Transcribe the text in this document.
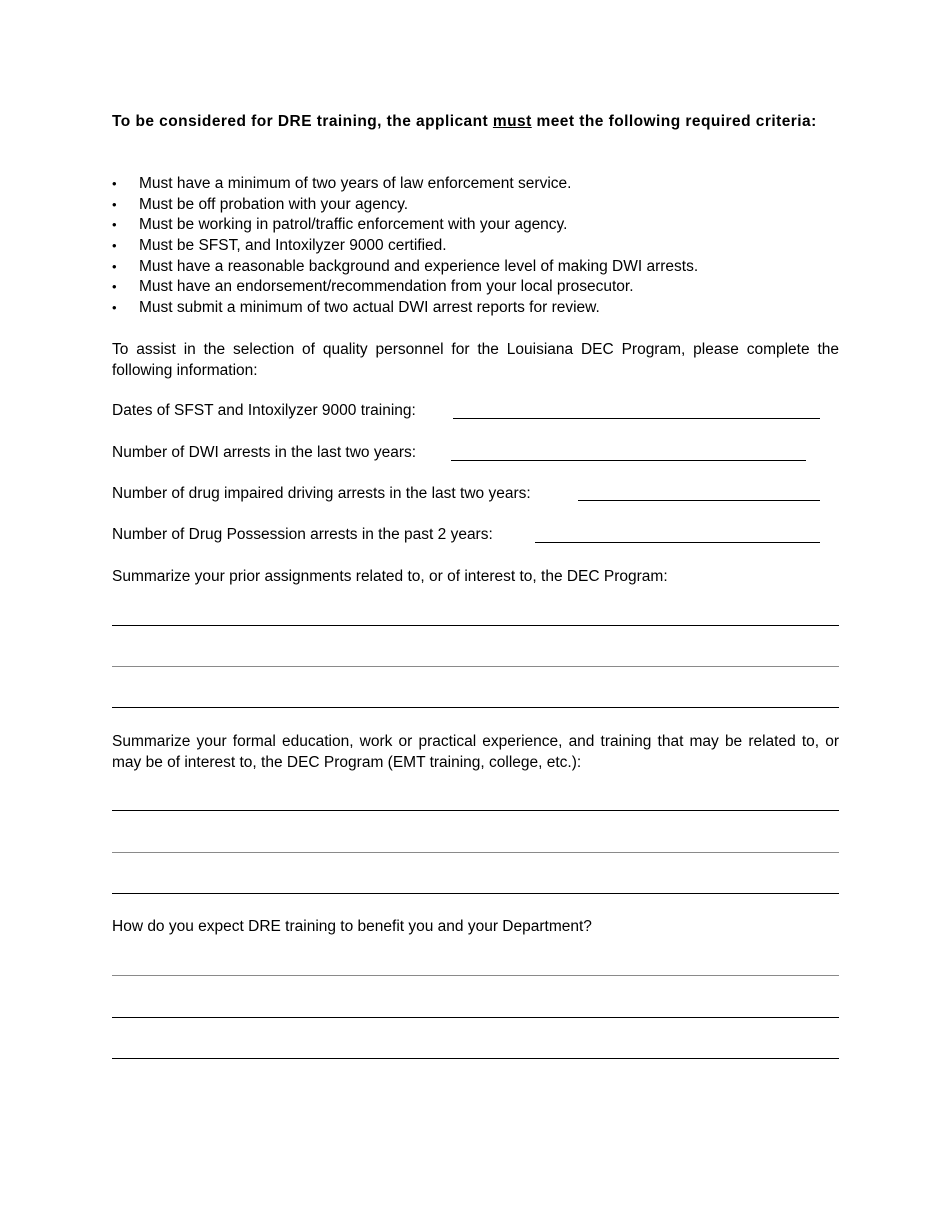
To be considered for DRE training, the applicant must meet the following required criteria:
• Must have a minimum of two years of law enforcement service.
• Must be off probation with your agency.
• Must be working in patrol/traffic enforcement with your agency.
• Must be SFST, and Intoxilyzer 9000 certified.
• Must have a reasonable background and experience level of making DWI arrests.
• Must have an endorsement/recommendation from your local prosecutor.
• Must submit a minimum of two actual DWI arrest reports for review.
To assist in the selection of quality personnel for the Louisiana DEC Program, please complete the following information:
Dates of SFST and Intoxilyzer 9000 training:
Number of DWI arrests in the last two years:
Number of drug impaired driving arrests in the last two years:
Number of Drug Possession arrests in the past 2 years:
Summarize your prior assignments related to, or of interest to, the DEC Program:
Summarize your formal education, work or practical experience, and training that may be related to, or may be of interest to, the DEC Program (EMT training, college, etc.):
How do you expect DRE training to benefit you and your Department?
